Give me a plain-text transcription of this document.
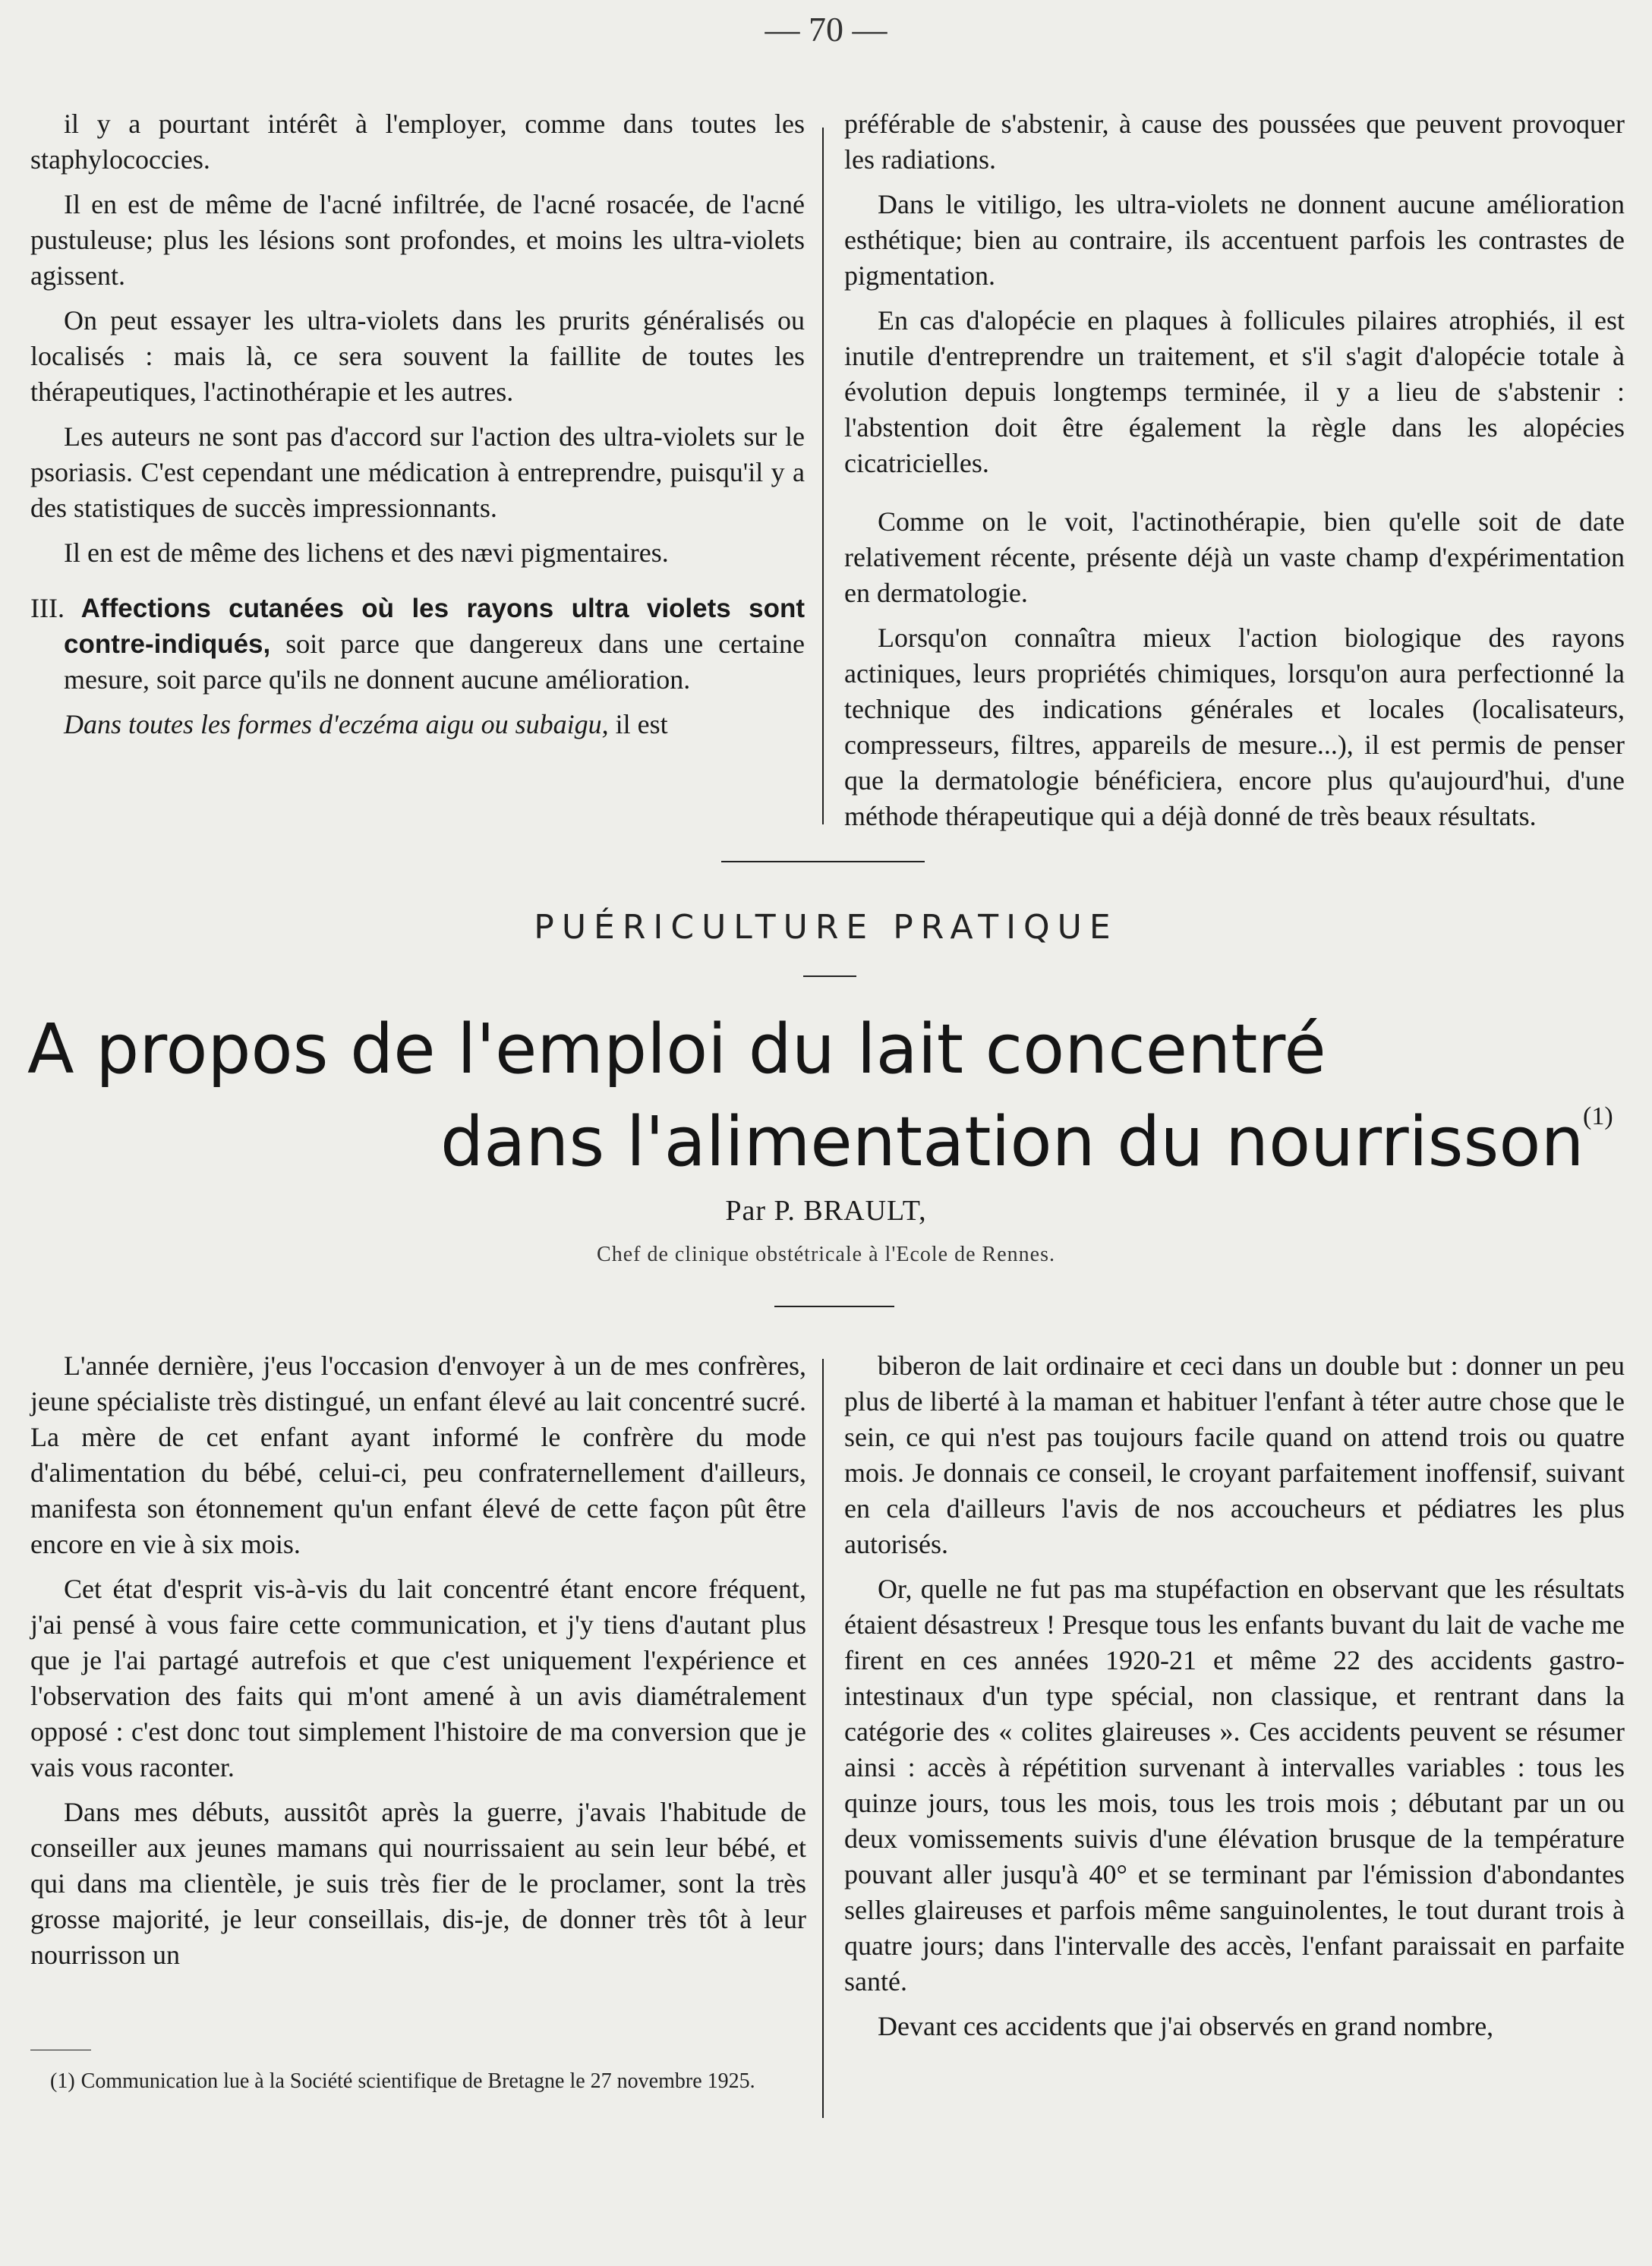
— 70 —

il y a pourtant intérêt à l'employer, comme dans toutes les staphylococcies.

Il en est de même de l'acné infiltrée, de l'acné rosacée, de l'acné pustuleuse; plus les lésions sont profondes, et moins les ultra-violets agissent.

On peut essayer les ultra-violets dans les prurits généralisés ou localisés : mais là, ce sera souvent la faillite de toutes les thérapeutiques, l'actinothérapie et les autres.

Les auteurs ne sont pas d'accord sur l'action des ultra-violets sur le psoriasis. C'est cependant une médication à entreprendre, puisqu'il y a des statistiques de succès impressionnants.

Il en est de même des lichens et des nævi pigmentaires.

III. Affections cutanées où les rayons ultra violets sont contre-indiqués, soit parce que dangereux dans une certaine mesure, soit parce qu'ils ne donnent aucune amélioration.

Dans toutes les formes d'eczéma aigu ou subaigu, il est

préférable de s'abstenir, à cause des poussées que peuvent provoquer les radiations.

Dans le vitiligo, les ultra-violets ne donnent aucune amélioration esthétique; bien au contraire, ils accentuent parfois les contrastes de pigmentation.

En cas d'alopécie en plaques à follicules pilaires atrophiés, il est inutile d'entreprendre un traitement, et s'il s'agit d'alopécie totale à évolution depuis longtemps terminée, il y a lieu de s'abstenir : l'abstention doit être également la règle dans les alopécies cicatricielles.

Comme on le voit, l'actinothérapie, bien qu'elle soit de date relativement récente, présente déjà un vaste champ d'expérimentation en dermatologie.

Lorsqu'on connaîtra mieux l'action biologique des rayons actiniques, leurs propriétés chimiques, lorsqu'on aura perfectionné la technique des indications générales et locales (localisateurs, compresseurs, filtres, appareils de mesure...), il est permis de penser que la dermatologie bénéficiera, encore plus qu'aujourd'hui, d'une méthode thérapeutique qui a déjà donné de très beaux résultats.

PUÉRICULTURE PRATIQUE
A propos de l'emploi du lait concentré
dans l'alimentation du nourrisson
(1)
Par P. BRAULT,
Chef de clinique obstétricale à l'Ecole de Rennes.

L'année dernière, j'eus l'occasion d'envoyer à un de mes confrères, jeune spécialiste très distingué, un enfant élevé au lait concentré sucré. La mère de cet enfant ayant informé le confrère du mode d'alimentation du bébé, celui-ci, peu confraternellement d'ailleurs, manifesta son étonnement qu'un enfant élevé de cette façon pût être encore en vie à six mois.

Cet état d'esprit vis-à-vis du lait concentré étant encore fréquent, j'ai pensé à vous faire cette communication, et j'y tiens d'autant plus que je l'ai partagé autrefois et que c'est uniquement l'expérience et l'observation des faits qui m'ont amené à un avis diamétralement opposé : c'est donc tout simplement l'histoire de ma conversion que je vais vous raconter.

Dans mes débuts, aussitôt après la guerre, j'avais l'habitude de conseiller aux jeunes mamans qui nourrissaient au sein leur bébé, et qui dans ma clientèle, je suis très fier de le proclamer, sont la très grosse majorité, je leur conseillais, dis-je, de donner très tôt à leur nourrisson un

biberon de lait ordinaire et ceci dans un double but : donner un peu plus de liberté à la maman et habituer l'enfant à téter autre chose que le sein, ce qui n'est pas toujours facile quand on attend trois ou quatre mois. Je donnais ce conseil, le croyant parfaitement inoffensif, suivant en cela d'ailleurs l'avis de nos accoucheurs et pédiatres les plus autorisés.

Or, quelle ne fut pas ma stupéfaction en observant que les résultats étaient désastreux ! Presque tous les enfants buvant du lait de vache me firent en ces années 1920-21 et même 22 des accidents gastro-intestinaux d'un type spécial, non classique, et rentrant dans la catégorie des « colites glaireuses ». Ces accidents peuvent se résumer ainsi : accès à répétition survenant à intervalles variables : tous les quinze jours, tous les mois, tous les trois mois ; débutant par un ou deux vomissements suivis d'une élévation brusque de la température pouvant aller jusqu'à 40° et se terminant par l'émission d'abondantes selles glaireuses et parfois même sanguinolentes, le tout durant trois à quatre jours; dans l'intervalle des accès, l'enfant paraissait en parfaite santé.

Devant ces accidents que j'ai observés en grand nombre,

(1) Communication lue à la Société scientifique de Bretagne le 27 novembre 1925.
